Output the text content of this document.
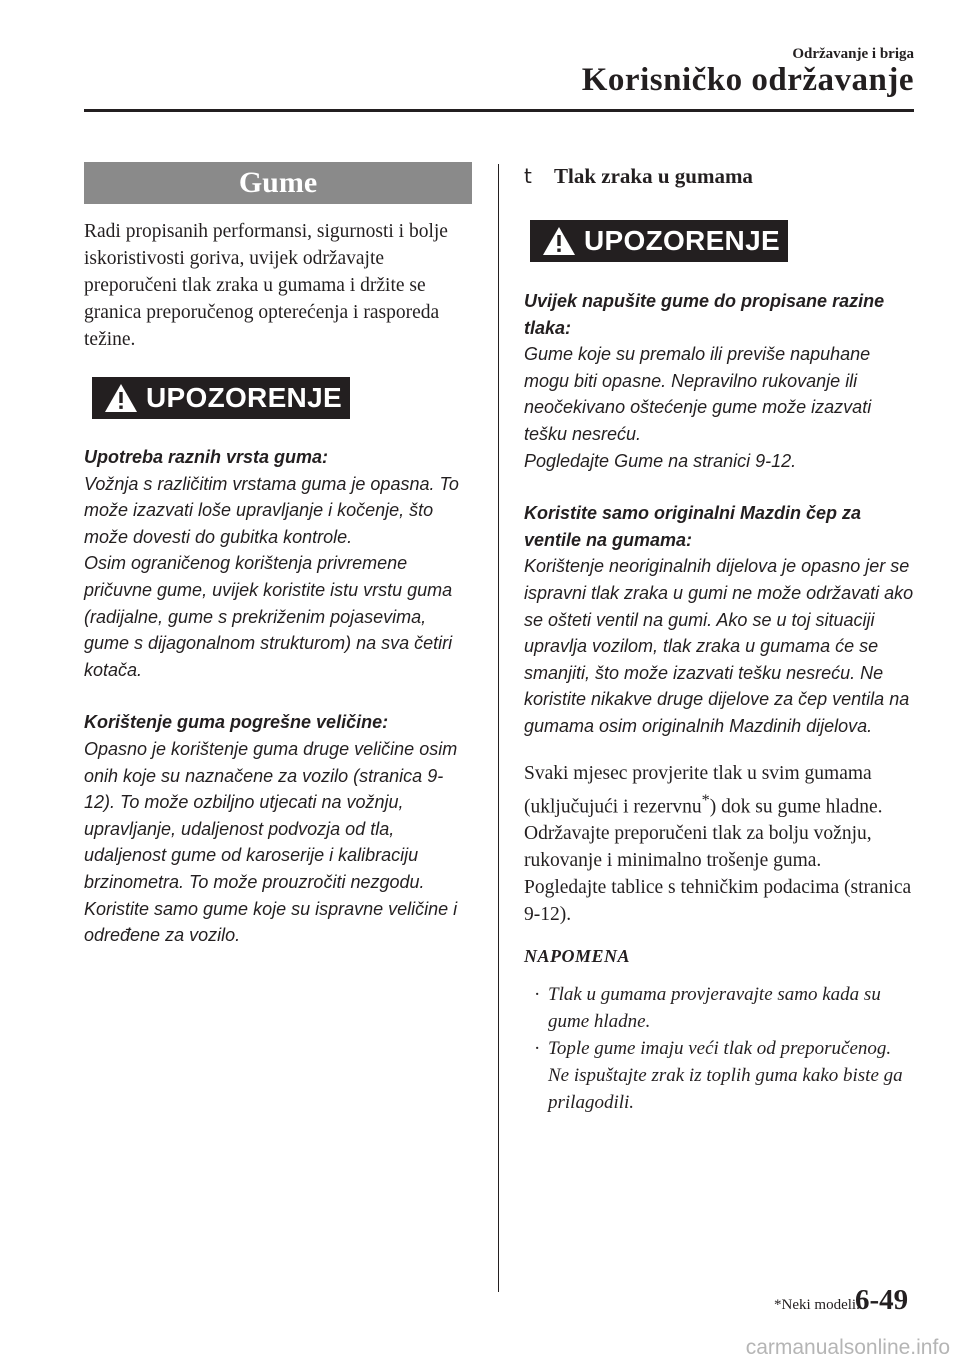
Održavanje i briga
Korisničko održavanje
Gume

Radi propisanih performansi, sigurnosti i bolje iskoristivosti goriva, uvijek održavajte preporučeni tlak zraka u gumama i držite se granica preporučenog opterećenja i rasporeda težine.

UPOZORENJE

Upotreba raznih vrsta guma:

Vožnja s različitim vrstama guma je opasna. To može izazvati loše upravljanje i kočenje, što može dovesti do gubitka kontrole.

Osim ograničenog korištenja privremene pričuvne gume, uvijek koristite istu vrstu guma (radijalne, gume s prekriženim pojasevima, gume s dijagonalnom strukturom) na sva četiri kotača.

Korištenje guma pogrešne veličine:

Opasno je korištenje guma druge veličine osim onih koje su naznačene za vozilo (stranica 9-12). To može ozbiljno utjecati na vožnju, upravljanje, udaljenost podvozja od tla, udaljenost gume od karoserije i kalibraciju brzinometra. To može prouzročiti nezgodu. Koristite samo gume koje su ispravne veličine i određene za vozilo.

t	Tlak zraka u gumama
UPOZORENJE

Uvijek napušite gume do propisane razine tlaka:

Gume koje su premalo ili previše napuhane mogu biti opasne. Nepravilno rukovanje ili neočekivano oštećenje gume može izazvati tešku nesreću.

Pogledajte Gume na stranici 9-12.

Koristite samo originalni Mazdin čep za ventile na gumama:

Korištenje neoriginalnih dijelova je opasno jer se ispravni tlak zraka u gumi ne može održavati ako se ošteti ventil na gumi. Ako se u toj situaciji upravlja vozilom, tlak zraka u gumama će se smanjiti, što može izazvati tešku nesreću. Ne koristite nikakve druge dijelove za čep ventila na gumama osim originalnih Mazdinih dijelova.

Svaki mjesec provjerite tlak u svim gumama (uključujući i rezervnu*) dok su gume hladne. Održavajte preporučeni tlak za bolju vožnju, rukovanje i minimalno trošenje guma.

Pogledajte tablice s tehničkim podacima (stranica 9-12).

NAPOMENA
· Tlak u gumama provjeravajte samo kada su gume hladne.
· Tople gume imaju veći tlak od preporučenog. Ne ispuštajte zrak iz toplih guma kako biste ga prilagodili.
*Neki modeli.
6-49
carmanualsonline.info
